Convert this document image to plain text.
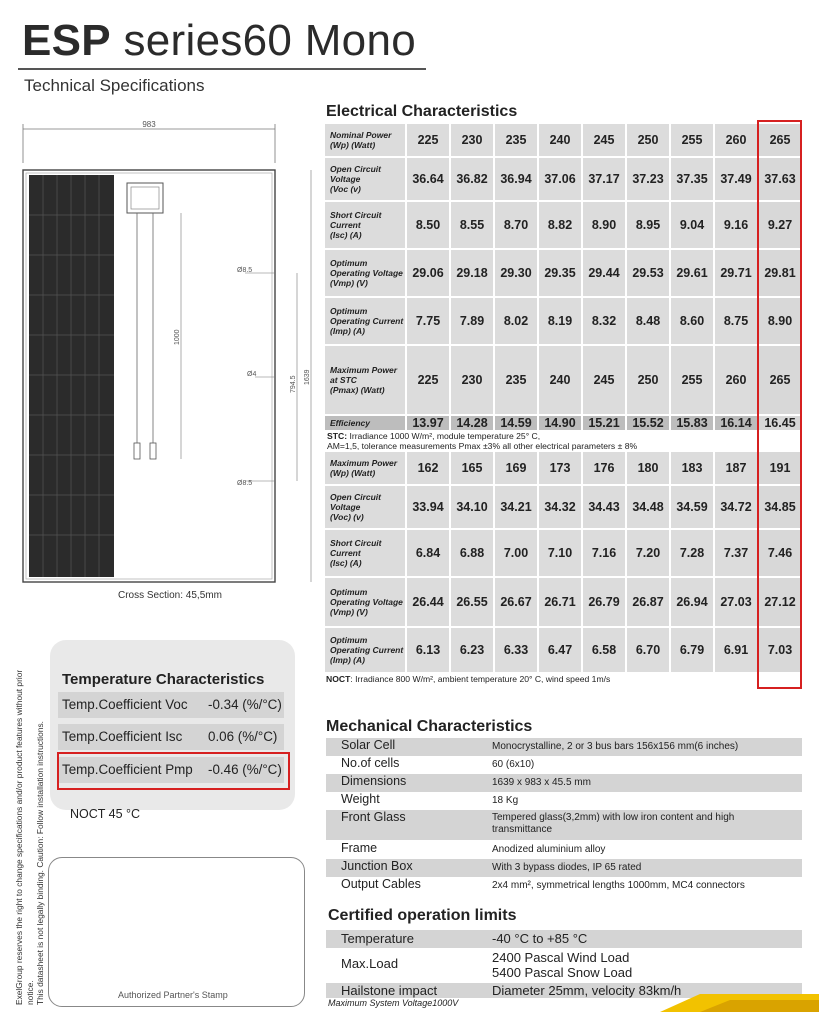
ESP series60 Mono
Technical Specifications
983
1000
Ø8.5
Ø4
Ø8.5
794.5 1639
Cross Section: 45,5mm
ExelGroup reserves the right to change specifications and/or product features without prior notice. This datasheet is not legally binding. Caution: Follow installation instructions.
Temperature Characteristics
Temp.Coefficient Voc -0.34 (%/°C)
Temp.Coefficient Isc 0.06 (%/°C)
Temp.Coefficient Pmp -0.46 (%/°C)
NOCT 45 °C
Authorized Partner's Stamp
Electrical Characteristics
Nominal Power
(Wp) (Watt)	225	230	235	240	245	250	255	260	265

Open Circuit
Voltage
(Voc (v)	36.64	36.82	36.94	37.06	37.17	37.23	37.35	37.49	37.63

Short Circuit
Current
(Isc) (A)	8.50	8.55	8.70	8.82	8.90	8.95	9.04	9.16	9.27

Optimum
Operating Voltage
(Vmp) (V)	29.06	29.18	29.30	29.35	29.44	29.53	29.61	29.71	29.81

Optimum
Operating Current
(Imp) (A)	7.75	7.89	8.02	8.19	8.32	8.48	8.60	8.75	8.90

Maximum Power
at STC
(Pmax) (Watt)	225	230	235	240	245	250	255	260	265

Efficiency	13.97	14.28	14.59	14.90	15.21	15.52	15.83	16.14	16.45
STC: Irradiance 1000 W/m², module temperature 25° C,
AM=1,5, tolerance measurements Pmax ±3% all other electrical parameters ± 8%
Maximum Power
(Wp) (Watt)	162	165	169	173	176	180	183	187	191

Open Circuit
Voltage
(Voc) (v)	33.94	34.10	34.21	34.32	34.43	34.48	34.59	34.72	34.85

Short Circuit
Current
(Isc) (A)	6.84	6.88	7.00	7.10	7.16	7.20	7.28	7.37	7.46

Optimum
Operating Voltage
(Vmp) (V)	26.44	26.55	26.67	26.71	26.79	26.87	26.94	27.03	27.12

Optimum
Operating Current
(Imp) (A)	6.13	6.23	6.33	6.47	6.58	6.70	6.79	6.91	7.03
NOCT: Irradiance 800 W/m², ambient temperature 20° C, wind speed 1m/s
Mechanical Characteristics
Solar Cell	Monocrystalline, 2 or 3 bus bars 156x156 mm(6 inches)
No.of cells	60 (6x10)
Dimensions	1639 x 983 x 45.5 mm
Weight	18 Kg
Front Glass	Tempered glass(3,2mm) with low iron content and high transmittance
Frame	Anodized aluminium alloy
Junction Box	With 3 bypass diodes, IP 65 rated
Output Cables	2x4 mm², symmetrical lengths 1000mm, MC4 connectors
Certified operation limits
Temperature	-40 °C to +85 °C
Max.Load	2400 Pascal Wind Load
5400 Pascal Snow Load
Hailstone impact	Diameter 25mm, velocity 83km/h
Maximum System Voltage1000V
